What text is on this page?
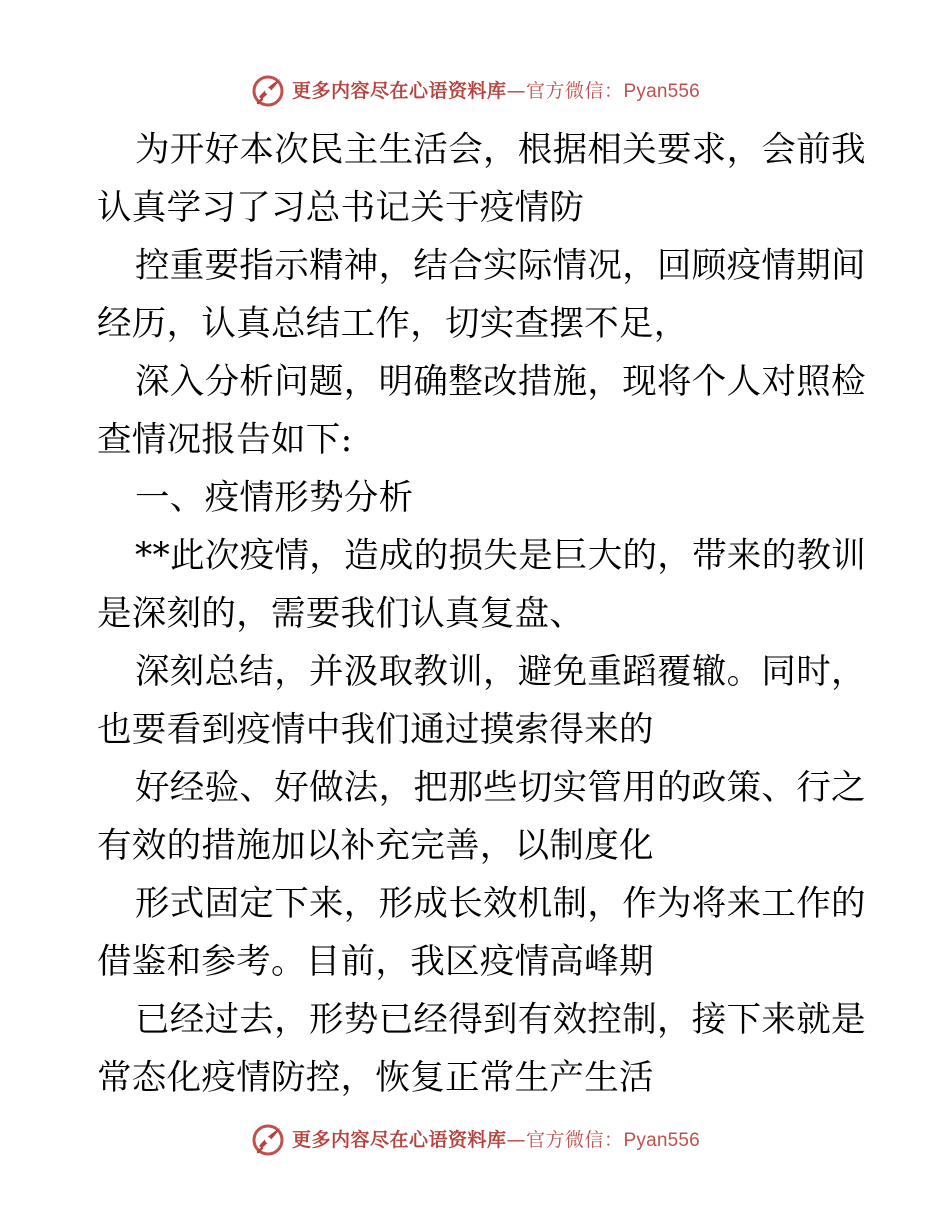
更多内容尽在心语资料库 — 官方微信： Pyan556
为开好本次民主生活会，根据相关要求，会前我
认真学习了习总书记关于疫情防
控重要指示精神，结合实际情况，回顾疫情期间
经历，认真总结工作，切实查摆不足，
深入分析问题，明确整改措施，现将个人对照检
查情况报告如下:
一、疫情形势分析
**此次疫情，造成的损失是巨大的，带来的教训
是深刻的，需要我们认真复盘、
深刻总结，并汲取教训，避免重蹈覆辙。同时，
也要看到疫情中我们通过摸索得来的
好经验、好做法，把那些切实管用的政策、行之
有效的措施加以补充完善，以制度化
形式固定下来，形成长效机制，作为将来工作的
借鉴和参考。目前，我区疫情高峰期
已经过去，形势已经得到有效控制，接下来就是
常态化疫情防控，恢复正常生产生活
更多内容尽在心语资料库 — 官方微信： Pyan556
